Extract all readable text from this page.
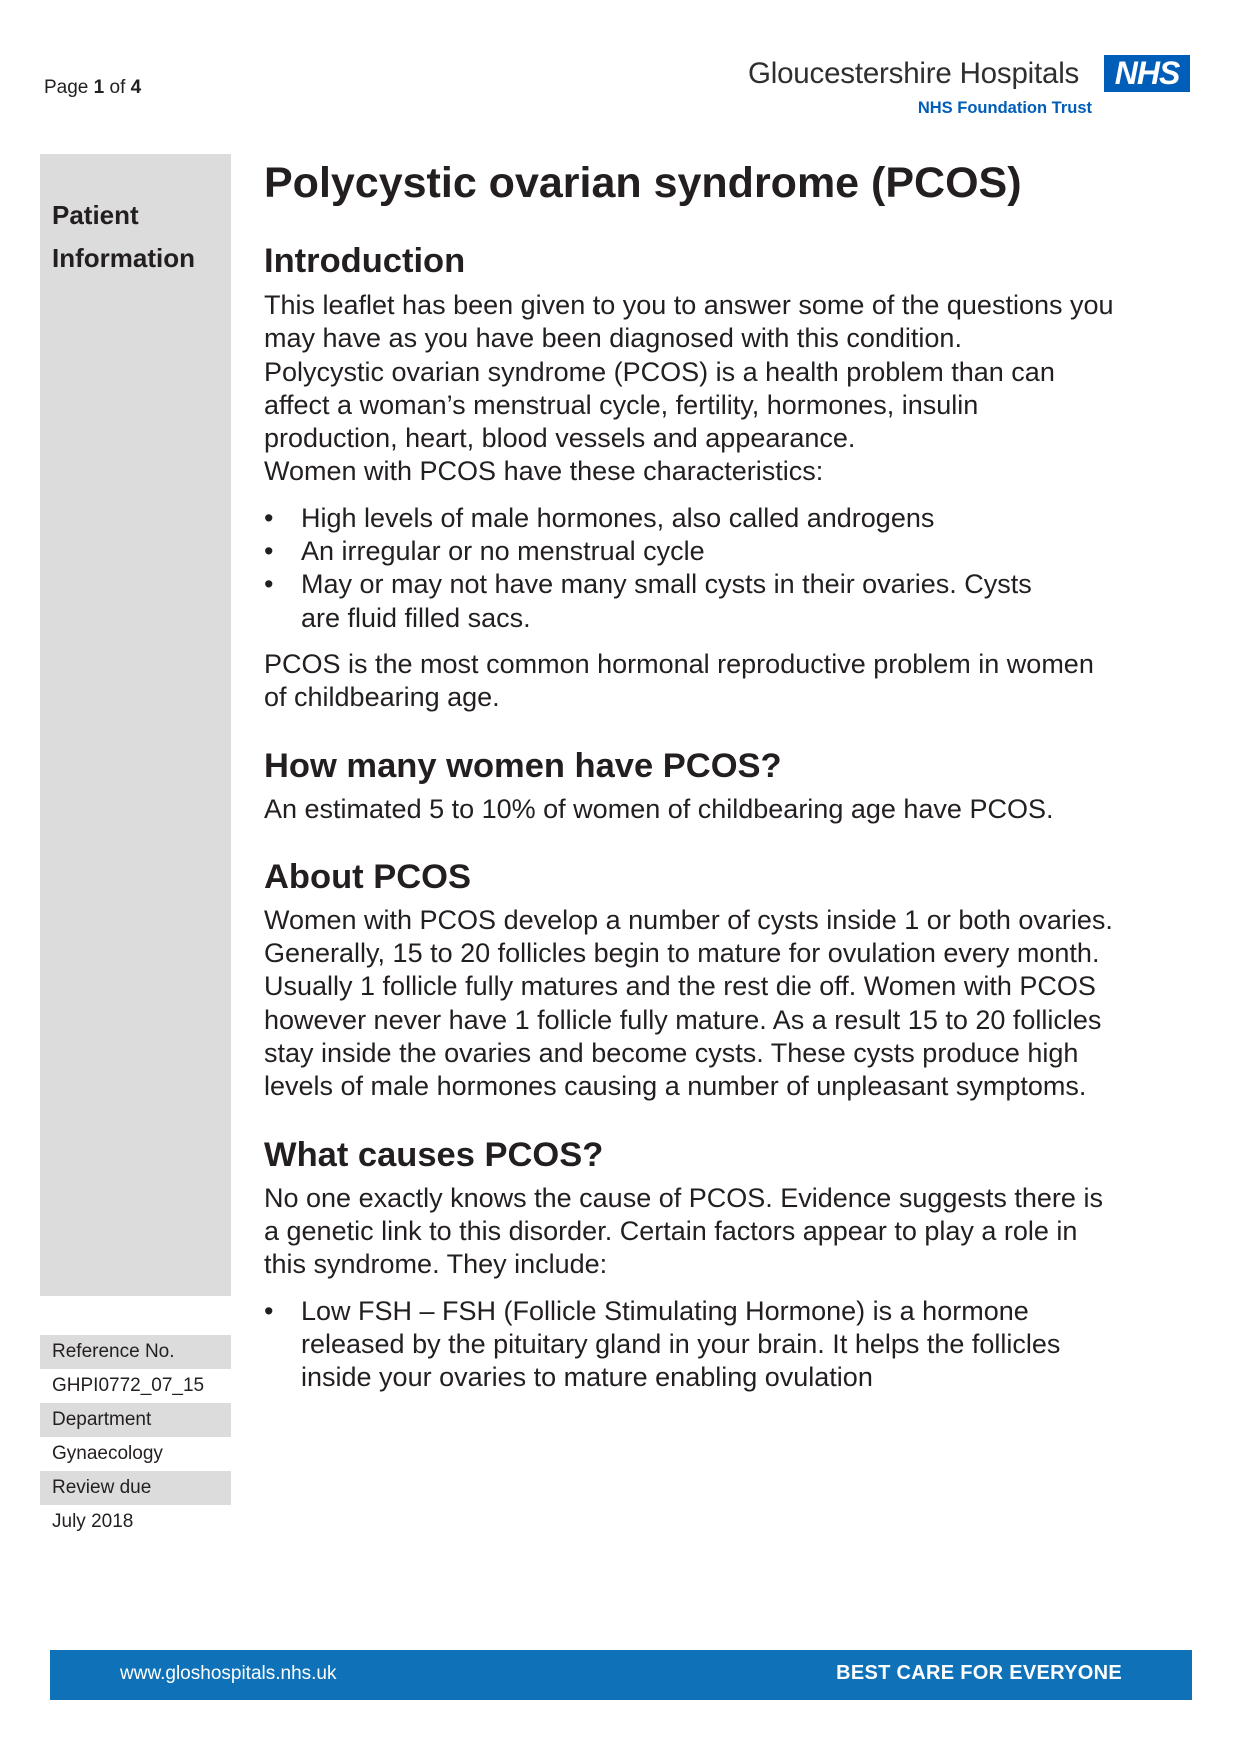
Page 1 of 4	Gloucestershire Hospitals	NHS
NHS Foundation Trust
Patient
Information
Reference No.
GHPI0772_07_15
Department
Gynaecology
Review due
July 2018
Polycystic ovarian syndrome (PCOS)
Introduction

This leaflet has been given to you to answer some of the questions you may have as you have been diagnosed with this condition.

Polycystic ovarian syndrome (PCOS) is a health problem than can affect a woman’s menstrual cycle, fertility, hormones, insulin production, heart, blood vessels and appearance.

Women with PCOS have these characteristics:

• High levels of male hormones, also called androgens
• An irregular or no menstrual cycle
• May or may not have many small cysts in their ovaries. Cysts are fluid filled sacs.

PCOS is the most common hormonal reproductive problem in women of childbearing age.

How many women have PCOS?

An estimated 5 to 10% of women of childbearing age have PCOS.

About PCOS

Women with PCOS develop a number of cysts inside 1 or both ovaries. Generally, 15 to 20 follicles begin to mature for ovulation every month. Usually 1 follicle fully matures and the rest die off. Women with PCOS however never have 1 follicle fully mature. As a result 15 to 20 follicles stay inside the ovaries and become cysts. These cysts produce high levels of male hormones causing a number of unpleasant symptoms.

What causes PCOS?

No one exactly knows the cause of PCOS. Evidence suggests there is a genetic link to this disorder. Certain factors appear to play a role in this syndrome. They include:

• Low FSH – FSH (Follicle Stimulating Hormone) is a hormone released by the pituitary gland in your brain. It helps the follicles inside your ovaries to mature enabling ovulation
www.gloshospitals.nhs.uk	BEST CARE FOR EVERYONE
